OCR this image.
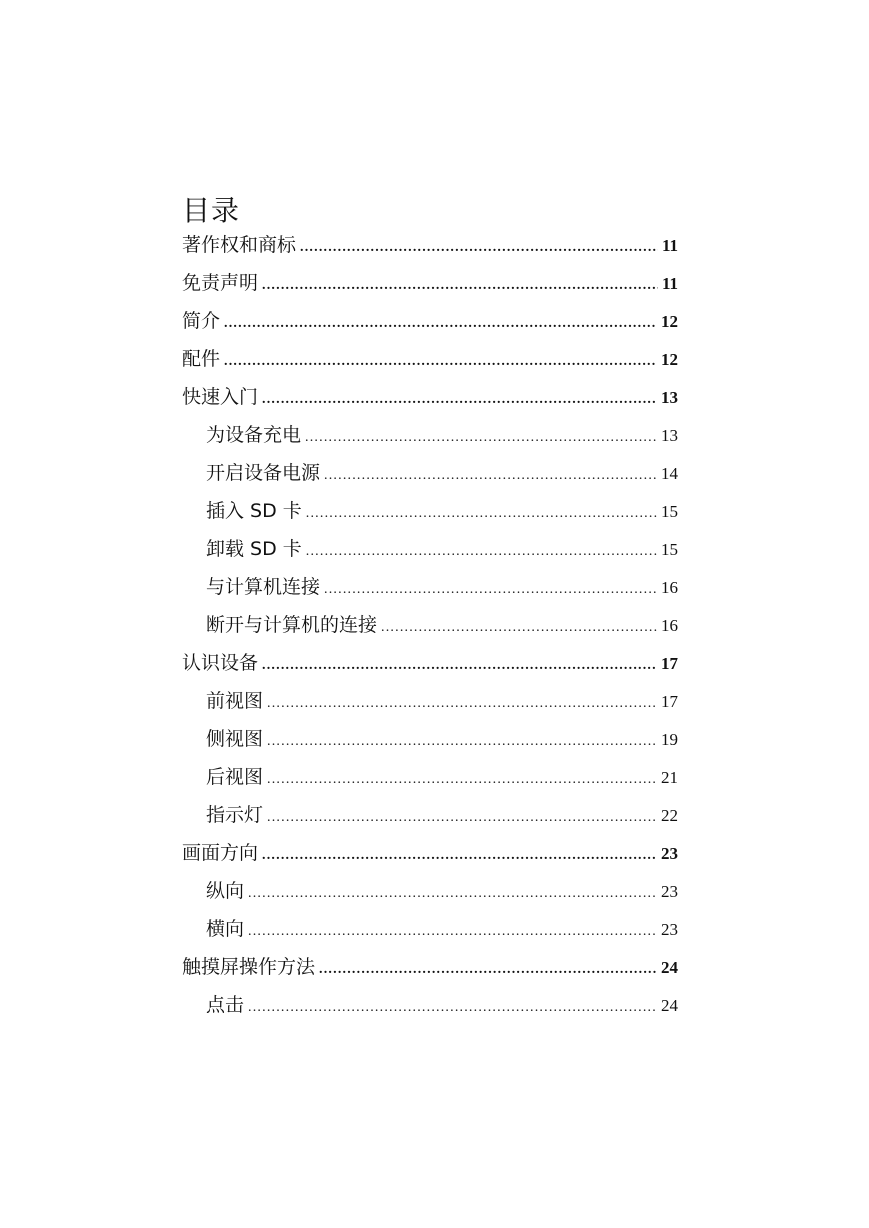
目录
著作权和商标 .....	11
免责声明 .....	11
简介 .....	12
配件 .....	12
快速入门 .....	13
为设备充电 .....	13
开启设备电源 .....	14
插入 SD 卡 .....	15
卸载 SD 卡 .....	15
与计算机连接 .....	16
断开与计算机的连接 .....	16
认识设备 .....	17
前视图 .....	17
侧视图 .....	19
后视图 .....	21
指示灯 .....	22
画面方向 .....	23
纵向 .....	23
横向 .....	23
触摸屏操作方法 .....	24
点击 .....	24
